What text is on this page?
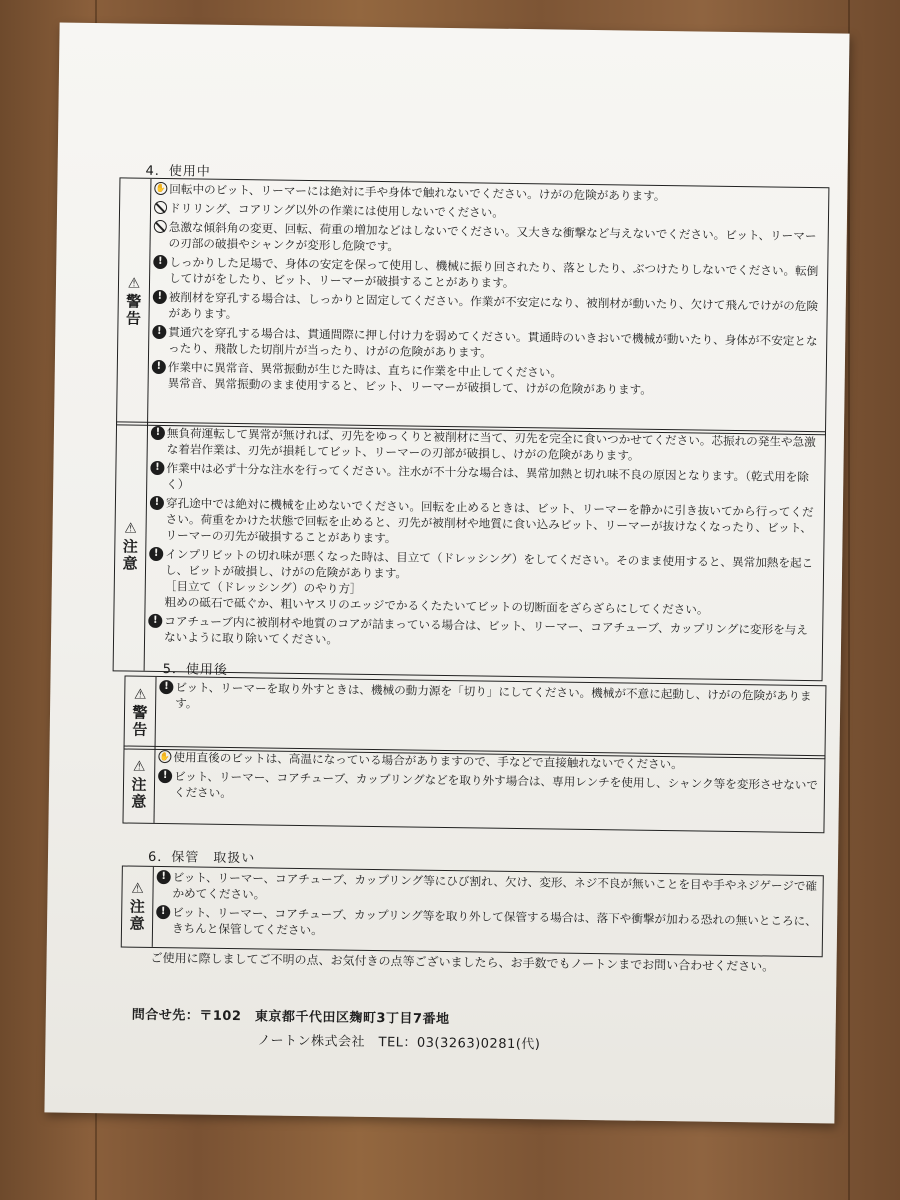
4．使用中
⚠
警
告
✋ 回転中のビット、リーマーには絶対に手や身体で触れないでください。けがの危険があります。
ドリリング、コアリング以外の作業には使用しないでください。
急激な傾斜角の変更、回転、荷重の増加などはしないでください。又大きな衝撃など与えないでください。ビット、リーマーの刃部の破損やシャンクが変形し危険です。
! しっかりした足場で、身体の安定を保って使用し、機械に振り回されたり、落としたり、ぶつけたりしないでください。転倒してけがをしたり、ビット、リーマーが破損することがあります。
! 被削材を穿孔する場合は、しっかりと固定してください。作業が不安定になり、被削材が動いたり、欠けて飛んでけがの危険があります。
! 貫通穴を穿孔する場合は、貫通間際に押し付け力を弱めてください。貫通時のいきおいで機械が動いたり、身体が不安定となったり、飛散した切削片が当ったり、けがの危険があります。
! 作業中に異常音、異常振動が生じた時は、直ちに作業を中止してください。
異常音、異常振動のまま使用すると、ビット、リーマーが破損して、けがの危険があります。
⚠
注
意
! 無負荷運転して異常が無ければ、刃先をゆっくりと被削材に当て、刃先を完全に食いつかせてください。芯振れの発生や急激な着岩作業は、刃先が損耗してビット、リーマーの刃部が破損し、けがの危険があります。
! 作業中は必ず十分な注水を行ってください。注水が不十分な場合は、異常加熱と切れ味不良の原因となります。（乾式用を除く）
! 穿孔途中では絶対に機械を止めないでください。回転を止めるときは、ビット、リーマーを静かに引き抜いてから行ってください。荷重をかけた状態で回転を止めると、刃先が被削材や地質に食い込みビット、リーマーが抜けなくなったり、ビット、リーマーの刃先が破損することがあります。
! インプリビットの切れ味が悪くなった時は、目立て（ドレッシング）をしてください。そのまま使用すると、異常加熱を起こし、ビットが破損し、けがの危険があります。
［目立て（ドレッシング）のやり方］
粗めの砥石で砥ぐか、粗いヤスリのエッジでかるくたたいてビットの切断面をざらざらにしてください。
! コアチューブ内に被削材や地質のコアが詰まっている場合は、ビット、リーマー、コアチューブ、カップリングに変形を与えないように取り除いてください。
5．使用後
⚠
警
告
! ビット、リーマーを取り外すときは、機械の動力源を「切り」にしてください。機械が不意に起動し、けがの危険があります。
⚠
注
意
✋ 使用直後のビットは、高温になっている場合がありますので、手などで直接触れないでください。
! ビット、リーマー、コアチューブ、カップリングなどを取り外す場合は、専用レンチを使用し、シャンク等を変形させないでください。
6．保管　取扱い
⚠
注
意
! ビット、リーマー、コアチューブ、カップリング等にひび割れ、欠け、変形、ネジ不良が無いことを目や手やネジゲージで確かめてください。
! ビット、リーマー、コアチューブ、カップリング等を取り外して保管する場合は、落下や衝撃が加わる恐れの無いところに、きちんと保管してください。
ご使用に際しましてご不明の点、お気付きの点等ございましたら、お手数でもノートンまでお問い合わせください。
問合せ先：〒102　東京都千代田区麹町3丁目7番地
ノートン株式会社　TEL：03(3263)0281(代)
